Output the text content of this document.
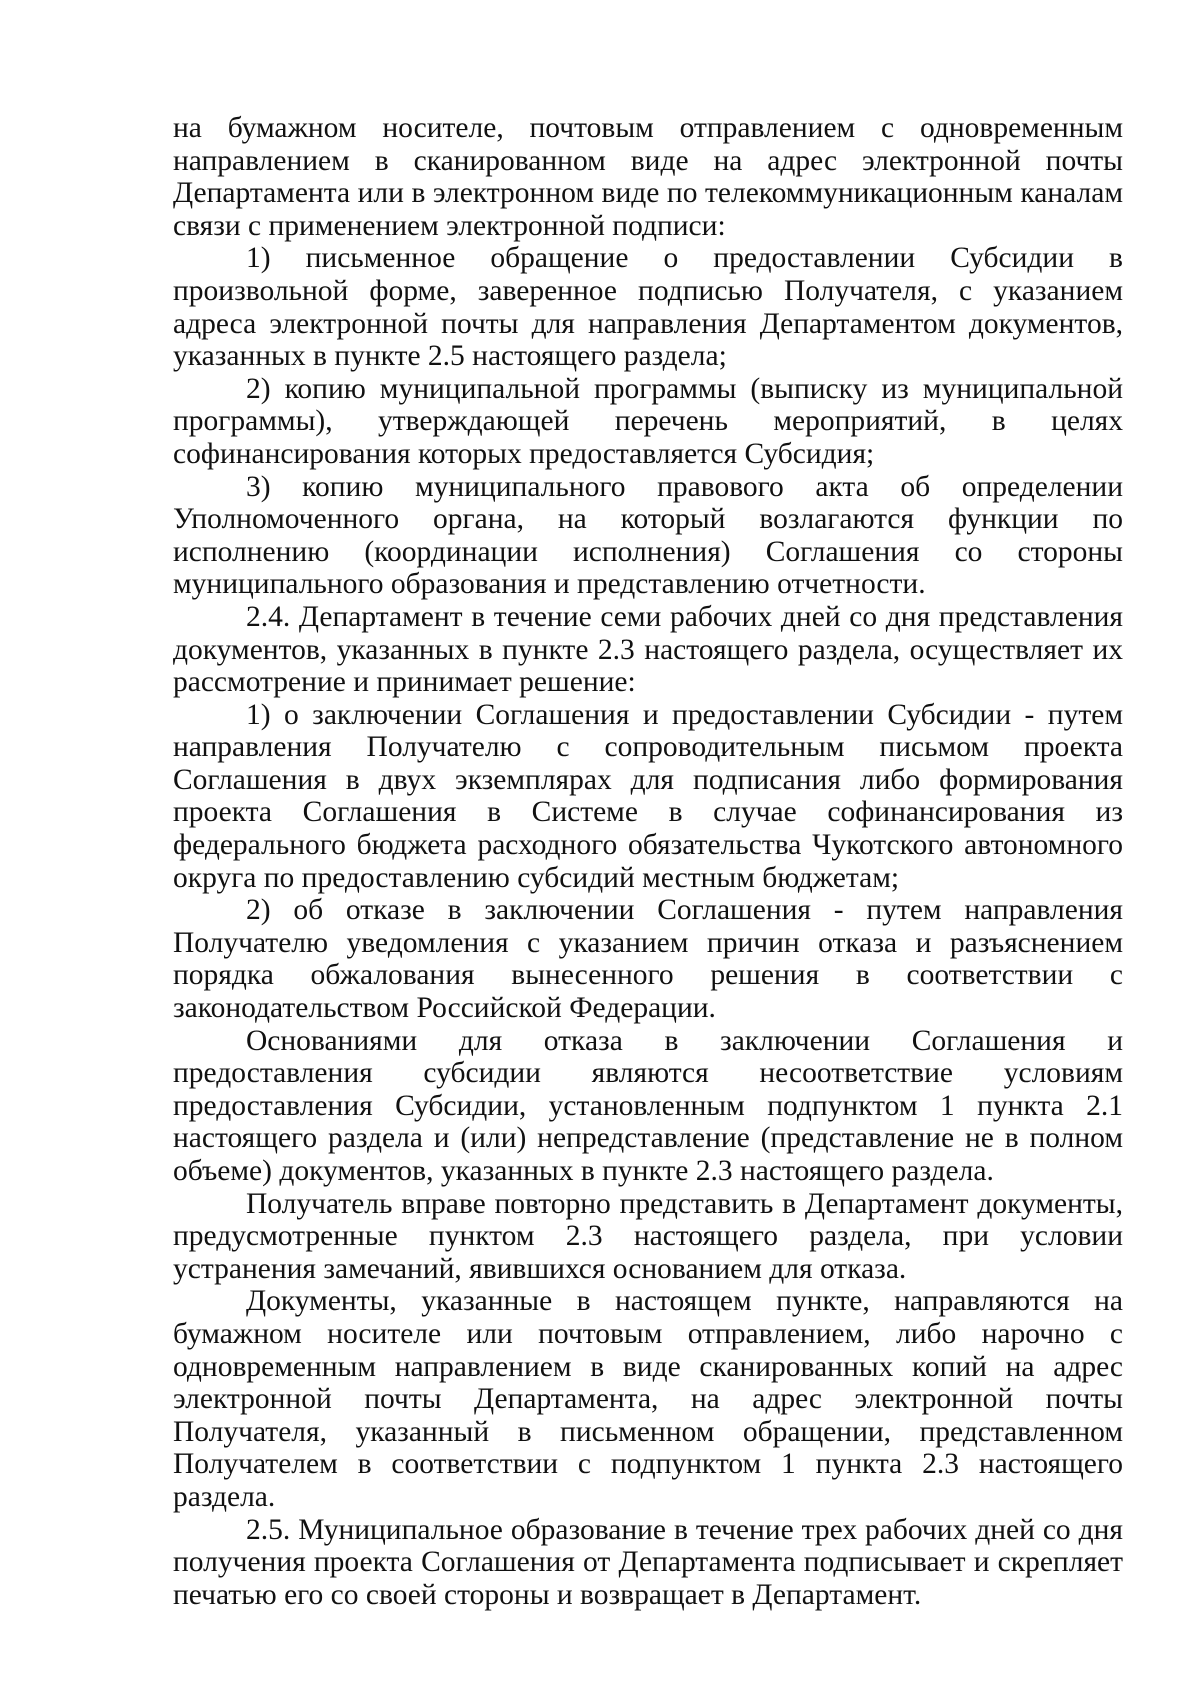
на бумажном носителе, почтовым отправлением с одновременным направлением в сканированном виде на адрес электронной почты Департамента или в электронном виде по телекоммуникационным каналам связи с применением электронной подписи:

1) письменное обращение о предоставлении Субсидии в произвольной форме, заверенное подписью Получателя, с указанием адреса электронной почты для направления Департаментом документов, указанных в пункте 2.5 настоящего раздела;

2) копию муниципальной программы (выписку из муниципальной программы), утверждающей перечень мероприятий, в целях софинансирования которых предоставляется Субсидия;

3) копию муниципального правового акта об определении Уполномоченного органа, на который возлагаются функции по исполнению (координации исполнения) Соглашения со стороны муниципального образования и представлению отчетности.

2.4. Департамент в течение семи рабочих дней со дня представления документов, указанных в пункте 2.3 настоящего раздела, осуществляет их рассмотрение и принимает решение:

1) о заключении Соглашения и предоставлении Субсидии - путем направления Получателю с сопроводительным письмом проекта Соглашения в двух экземплярах для подписания либо формирования проекта Соглашения в Системе в случае софинансирования из федерального бюджета расходного обязательства Чукотского автономного округа по предоставлению субсидий местным бюджетам;

2) об отказе в заключении Соглашения - путем направления Получателю уведомления с указанием причин отказа и разъяснением порядка обжалования вынесенного решения в соответствии с законодательством Российской Федерации.

Основаниями для отказа в заключении Соглашения и предоставления субсидии являются несоответствие условиям предоставления Субсидии, установленным подпунктом 1 пункта 2.1 настоящего раздела и (или) непредставление (представление не в полном объеме) документов, указанных в пункте 2.3 настоящего раздела.

Получатель вправе повторно представить в Департамент документы, предусмотренные пунктом 2.3 настоящего раздела, при условии устранения замечаний, явившихся основанием для отказа.

Документы, указанные в настоящем пункте, направляются на бумажном носителе или почтовым отправлением, либо нарочно с одновременным направлением в виде сканированных копий на адрес электронной почты Департамента, на адрес электронной почты Получателя, указанный в письменном обращении, представленном Получателем в соответствии с подпунктом 1 пункта 2.3 настоящего раздела.

2.5. Муниципальное образование в течение трех рабочих дней со дня получения проекта Соглашения от Департамента подписывает и скрепляет печатью его со своей стороны и возвращает в Департамент.
